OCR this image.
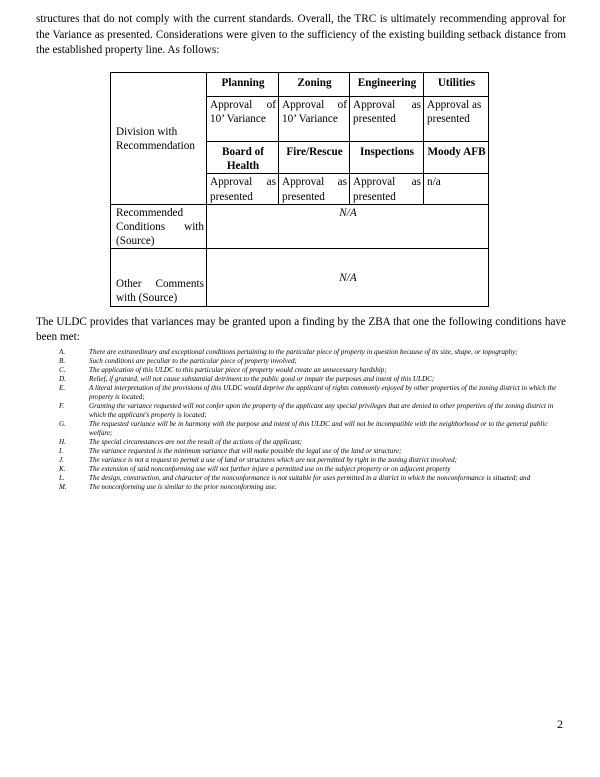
structures that do not comply with the current standards. Overall, the TRC is ultimately recommending approval for the Variance as presented. Considerations were given to the sufficiency of the existing building setback distance from the established property line. As follows:

Division with Recommendation	Planning	Zoning	Engineering	Utilities
	Approval of 10’ Variance	Approval of 10’ Variance	Approval as presented	Approval as presented
	Board of Health	Fire/Rescue	Inspections	Moody AFB
	Approval as presented	Approval as presented	Approval as presented	n/a
Recommended Conditions with (Source)	N/A			
Other Comments with (Source)	N/A			

The ULDC provides that variances may be granted upon a finding by the ZBA that one the following conditions have been met:

A.	There are extraordinary and exceptional conditions pertaining to the particular piece of property in question because of its size, shape, or topography;
B.	Such conditions are peculiar to the particular piece of property involved;
C.	The application of this ULDC to this particular piece of property would create an unnecessary hardship;
D.	Relief, if granted, will not cause substantial detriment to the public good or impair the purposes and intent of this ULDC;
E.	A literal interpretation of the provisions of this ULDC would deprive the applicant of rights commonly enjoyed by other properties of the zoning district in which the property is located;
F.	Granting the variance requested will not confer upon the property of the applicant any special privileges that are denied to other properties of the zoning district in which the applicant's property is located;
G.	The requested variance will be in harmony with the purpose and intent of this ULDC and will not be incompatible with the neighborhood or to the general public welfare;
H.	The special circumstances are not the result of the actions of the applicant;
I.	The variance requested is the minimum variance that will make possible the legal use of the land or structure;
J.	The variance is not a request to permit a use of land or structures which are not permitted by right in the zoning district involved;
K.	The extension of said nonconforming use will not further injure a permitted use on the subject property or on adjacent property
L.	The design, construction, and character of the nonconformance is not suitable for uses permitted in a district in which the nonconformance is situated; and
M.	The nonconforming use is similar to the prior nonconforming use.
2
